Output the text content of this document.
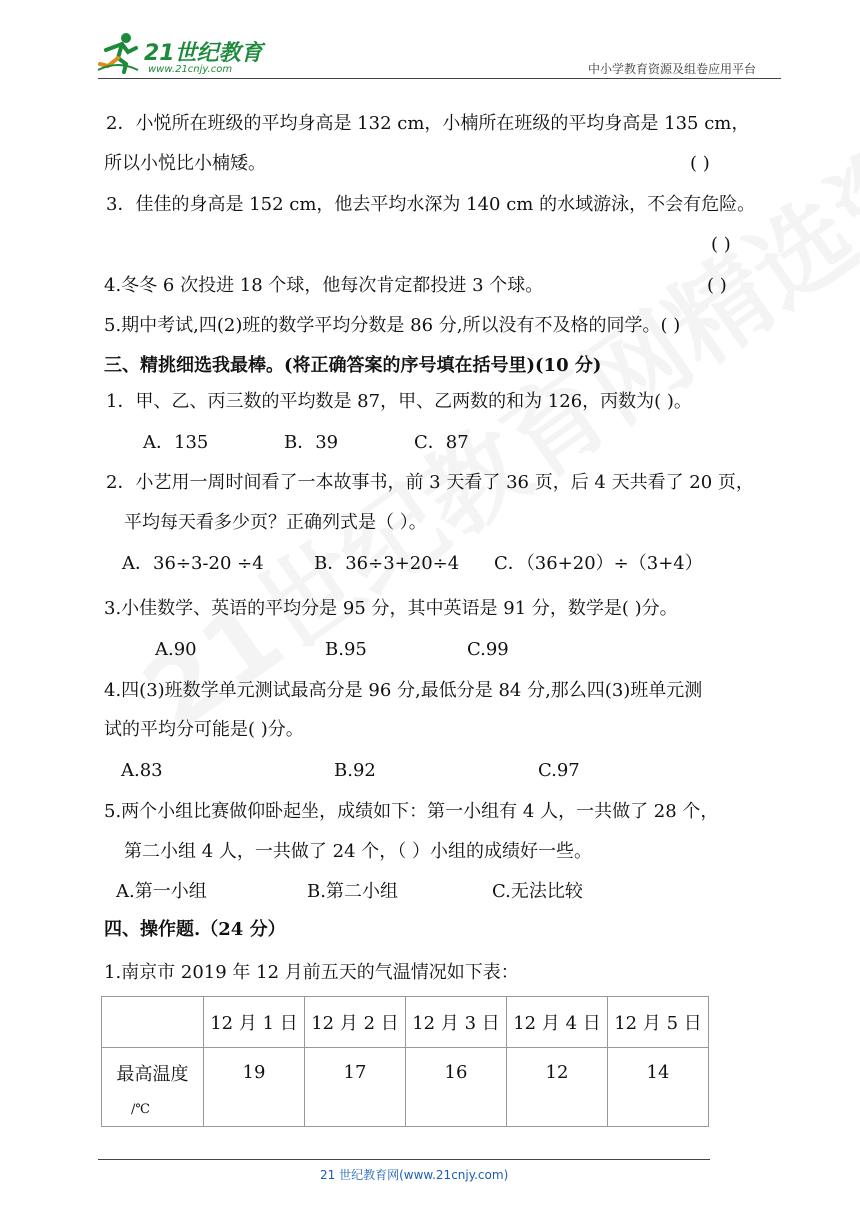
21世纪教育
www.21cnjy.com	中小学教育资源及组卷应用平台
2．小悦所在班级的平均身高是 132 cm，小楠所在班级的平均身高是 135 cm，
所以小悦比小楠矮。	( )
3．佳佳的身高是 152 cm，他去平均水深为 140 cm 的水域游泳，不会有危险。
( )
4.冬冬 6 次投进 18 个球，他每次肯定都投进 3 个球。	( )
5.期中考试,四(2)班的数学平均分数是 86 分,所以没有不及格的同学。( )
三、精挑细选我最棒。(将正确答案的序号填在括号里)(10 分)
1．甲、乙、丙三数的平均数是 87，甲、乙两数的和为 126，丙数为( )。
A．135	B．39	C．87
2．小艺用一周时间看了一本故事书，前 3 天看了 36 页，后 4 天共看了 20 页，
平均每天看多少页？正确列式是（ ）。
A．36÷3-20 ÷4	B．36÷3+20÷4 C．（36+20）÷（3+4）
3.小佳数学、英语的平均分是 95 分，其中英语是 91 分，数学是( )分。
A.90	B.95	C.99
4.四(3)班数学单元测试最高分是 96 分,最低分是 84 分,那么四(3)班单元测
试的平均分可能是( )分。
A.83	B.92	C.97
5.两个小组比赛做仰卧起坐，成绩如下：第一小组有 4 人，一共做了 28 个，
第二小组 4 人，一共做了 24 个，（ ）小组的成绩好一些。
A.第一小组	B.第二小组	C.无法比较
四、操作题.（24 分）
1.南京市 2019 年 12 月前五天的气温情况如下表：
	12 月 1 日	12 月 2 日	12 月 3 日	12 月 4 日	12 月 5 日

最高温度
/℃	19	17	16	12	14
21 世纪教育网(www.21cnjy.com)
